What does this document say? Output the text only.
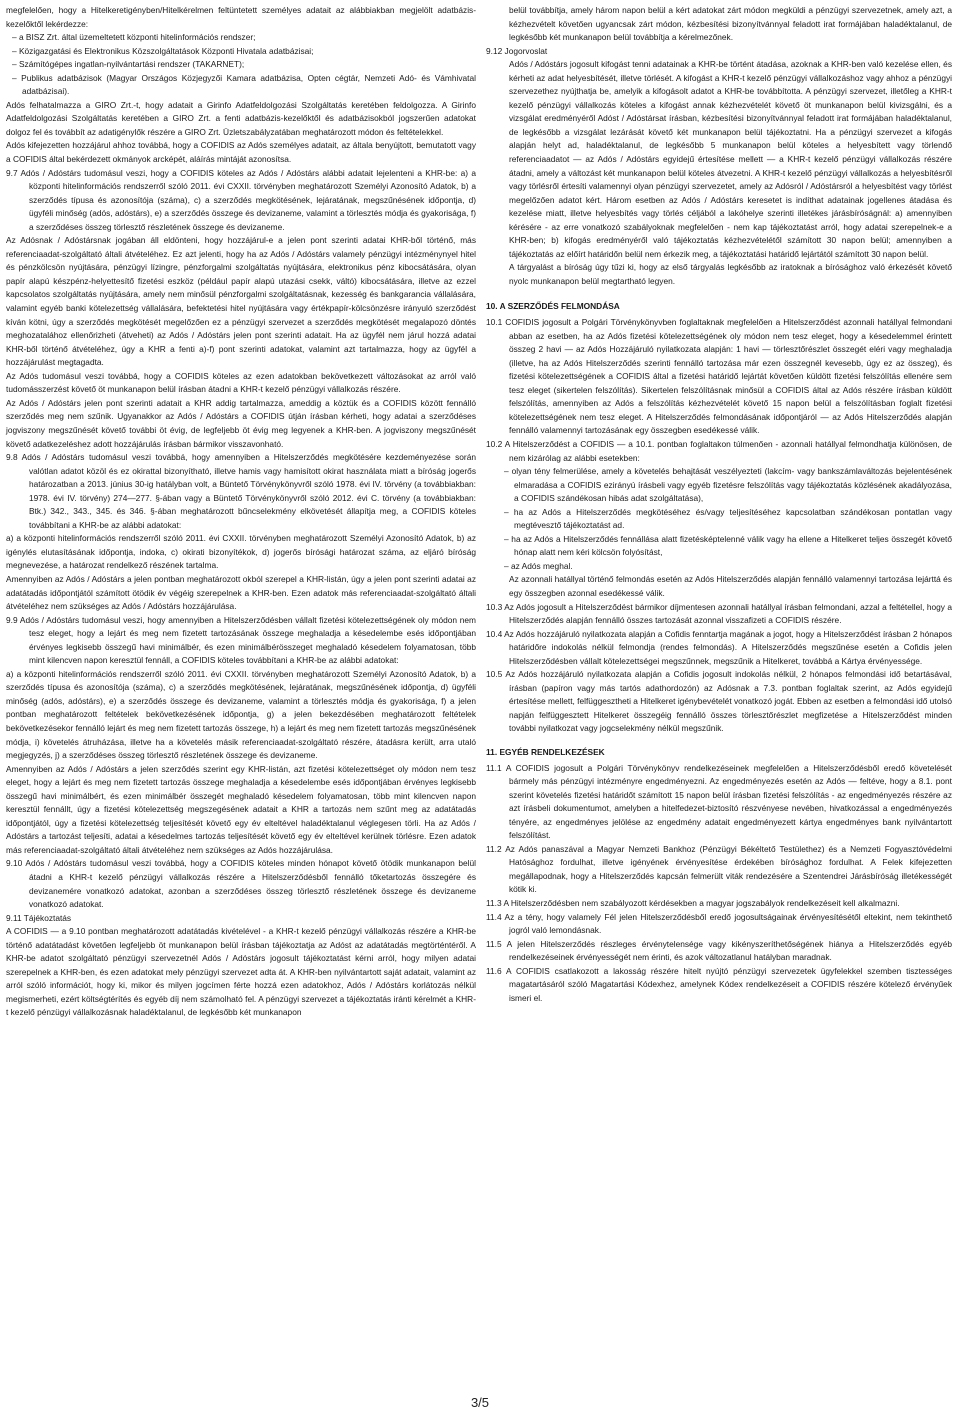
megfelelően, hogy a Hitelkeretigényben/Hitelkérelmen feltüntetett személyes adatait az alábbiakban megjelölt adatbázis-kezelőktől lekérdezze:

– a BISZ Zrt. által üzemeltetett központi hitelinformációs rendszer;

– Közigazgatási és Elektronikus Közszolgáltatások Központi Hivatala adatbázisai;

– Számítógépes ingatlan-nyilvántartási rendszer (TAKARNET);

– Publikus adatbázisok (Magyar Országos Közjegyzői Kamara adatbázisa, Opten cégtár, Nemzeti Adó- és Vámhivatal adatbázisai).

Adós felhatalmazza a GIRO Zrt.-t, hogy adatait a Girinfo Adatfeldolgozási Szolgáltatás keretében feldolgozza. A Girinfo Adatfeldolgozási Szolgáltatás keretében a GIRO Zrt. a fenti adatbázis-kezelőktől és adatbázisokból jogszerűen adatokat dolgoz fel és továbbít az adatigénylők részére a GIRO Zrt. Üzletszabályzatában meghatározott módon és feltételekkel.

Adós kifejezetten hozzájárul ahhoz továbbá, hogy a COFIDIS az Adós személyes adatait, az általa benyújtott, bemutatott vagy a COFIDIS által bekérdezett okmányok arcképét, aláírás mintáját azonosítsa.

9.7 Adós / Adóstárs tudomásul veszi, hogy a COFIDIS köteles az Adós / Adóstárs alábbi adatait lejelenteni a KHR-be: a) a központi hitelinformációs rendszerről szóló 2011. évi CXXII. törvényben meghatározott Személyi Azonosító Adatok, b) a szerződés típusa és azonosítója (száma), c) a szerződés megkötésének, lejáratának, megszűnésének időpontja, d) ügyféli minőség (adós, adóstárs), e) a szerződés összege és devizaneme, valamint a törlesztés módja és gyakorisága, f) a szerződéses összeg törlesztő részletének összege és devizaneme.

Az Adósnak / Adóstársnak jogában áll eldönteni, hogy hozzájárul-e a jelen pont szerinti adatai KHR-ből történő, más referenciaadat-szolgáltató általi átvételéhez. Ez azt jelenti, hogy ha az Adós / Adóstárs valamely pénzügyi intézménynyel hitel és pénzkölcsön nyújtására, pénzügyi lízingre, pénzforgalmi szolgáltatás nyújtására, elektronikus pénz kibocsátására, olyan papír alapú készpénz-helyettesítő fizetési eszköz (például papír alapú utazási csekk, váltó) kibocsátására, illetve az ezzel kapcsolatos szolgáltatás nyújtására, amely nem minősül pénzforgalmi szolgáltatásnak, kezesség és bankgarancia vállalására, valamint egyéb banki kötelezettség vállalására, befektetési hitel nyújtására vagy értékpapír-kölcsönzésre irányuló szerződést kíván kötni, úgy a szerződés megkötését megelőzően ez a pénzügyi szervezet a szerződés megkötését megalapozó döntés meghozatalához ellenőrizheti (átveheti) az Adós / Adóstárs jelen pont szerinti adatait. Ha az ügyfél nem járul hozzá adatai KHR-ből történő átvételéhez, úgy a KHR a fenti a)-f) pont szerinti adatokat, valamint azt tartalmazza, hogy az ügyfél a hozzájárulást megtagadta.

Az Adós tudomásul veszi továbbá, hogy a COFIDIS köteles az ezen adatokban bekövetkezett változásokat az arról való tudomásszerzést követő öt munkanapon belül írásban átadni a KHR-t kezelő pénzügyi vállalkozás részére.

Az Adós / Adóstárs jelen pont szerinti adatait a KHR addig tartalmazza, ameddig a köztük és a COFIDIS között fennálló szerződés meg nem szűnik. Ugyanakkor az Adós / Adóstárs a COFIDIS útján írásban kérheti, hogy adatai a szerződéses jogviszony megszűnését követő további öt évig, de legfeljebb öt évig meg legyenek a KHR-ben. A jogviszony megszűnését követő adatkezeléshez adott hozzájárulás írásban bármikor visszavonható.

9.8 Adós / Adóstárs tudomásul veszi továbbá, hogy amennyiben a Hitelszerződés megkötésére kezdeményezése során valótlan adatot közöl és ez okirattal bizonyítható, illetve hamis vagy hamisított okirat használata miatt a bíróság jogerős határozatban a 2013. június 30-ig hatályban volt, a Büntető Törvénykönyvről szóló 1978. évi IV. törvény (a továbbiakban: 1978. évi IV. törvény) 274—277. §-ában vagy a Büntető Törvénykönyvről szóló 2012. évi C. törvény (a továbbiakban: Btk.) 342., 343., 345. és 346. §-ában meghatározott bűncselekmény elkövetését állapítja meg, a COFIDIS köteles továbbítani a KHR-be az alábbi adatokat:

a) a központi hitelinformációs rendszerről szóló 2011. évi CXXII. törvényben meghatározott Személyi Azonosító Adatok, b) az igénylés elutasításának időpontja, indoka, c) okirati bizonyítékok, d) jogerős bírósági határozat száma, az eljáró bíróság megnevezése, a határozat rendelkező részének tartalma.

Amennyiben az Adós / Adóstárs a jelen pontban meghatározott okból szerepel a KHR-listán, úgy a jelen pont szerinti adatai az adatátadás időpontjától számított ötödik év végéig szerepelnek a KHR-ben. Ezen adatok más referenciaadat-szolgáltató általi átvételéhez nem szükséges az Adós / Adóstárs hozzájárulása.

9.9 Adós / Adóstárs tudomásul veszi, hogy amennyiben a Hitelszerződésben vállalt fizetési kötelezettségének oly módon nem tesz eleget, hogy a lejárt és meg nem fizetett tartozásának összege meghaladja a késedelembe esés időpontjában érvényes legkisebb összegű havi minimálbér, és ezen minimálbérösszeget meghaladó késedelem folyamatosan, több mint kilencven napon keresztül fennáll, a COFIDIS köteles továbbítani a KHR-be az alábbi adatokat:

a) a központi hitelinformációs rendszerről szóló 2011. évi CXXII. törvényben meghatározott Személyi Azonosító Adatok, b) a szerződés típusa és azonosítója (száma), c) a szerződés megkötésének, lejáratának, megszűnésének időpontja, d) ügyféli minőség (adós, adóstárs), e) a szerződés összege és devizaneme, valamint a törlesztés módja és gyakorisága, f) a jelen pontban meghatározott feltételek bekövetkezésének időpontja, g) a jelen bekezdésében meghatározott feltételek bekövetkezésekor fennálló lejárt és meg nem fizetett tartozás összege, h) a lejárt és meg nem fizetett tartozás megszűnésének módja, i) követelés átruházása, illetve ha a követelés másik referenciaadat-szolgáltató részére, átadásra került, arra utaló megjegyzés, j) a szerződéses összeg törlesztő részletének összege és devizaneme.

Amennyiben az Adós / Adóstárs a jelen szerződés szerint egy KHR-listán, azt fizetési kötelezettséget oly módon nem tesz eleget, hogy a lejárt és meg nem fizetett tartozás összege meghaladja a késedelembe esés időpontjában érvényes legkisebb összegű havi minimálbért, és ezen minimálbér összegét meghaladó késedelem folyamatosan, több mint kilencven napon keresztül fennállt, úgy a fizetési kötelezettség megszegésének adatait a KHR a tartozás nem szűnt meg az adatátadás időpontjától, úgy a fizetési kötelezettség teljesítését követő egy év elteltével haladéktalanul véglegesen törli. Ha az Adós / Adóstárs a tartozást teljesíti, adatai a késedelmes tartozás teljesítését követő egy év elteltével kerülnek törlésre. Ezen adatok más referenciaadat-szolgáltató általi átvételéhez nem szükséges az Adós hozzájárulása.

9.10 Adós / Adóstárs tudomásul veszi továbbá, hogy a COFIDIS köteles minden hónapot követő ötödik munkanapon belül átadni a KHR-t kezelő pénzügyi vállalkozás részére a Hitelszerződésből fennálló tőketartozás összegére és devizanemére vonatkozó adatokat, azonban a szerződéses összeg törlesztő részletének összege és devizaneme vonatkozó adatokat.

9.11 Tájékoztatás

A COFIDIS — a 9.10 pontban meghatározott adatátadás kivételével - a KHR-t kezelő pénzügyi vállalkozás részére a KHR-be történő adatátadást követően legfeljebb öt munkanapon belül írásban tájékoztatja az Adóst az adatátadás megtörténtéről. A KHR-be adatot szolgáltató pénzügyi szervezetnél Adós / Adóstárs jogosult tájékoztatást kérni arról, hogy milyen adatai szerepelnek a KHR-ben, és ezen adatokat mely pénzügyi szervezet adta át. A KHR-ben nyilvántartott saját adatait, valamint az arról szóló információt, hogy ki, mikor és milyen jogcímen férte hozzá ezen adatokhoz, Adós / Adóstárs korlátozás nélkül megismerheti, ezért költségtérítés és egyéb díj nem számolható fel. A pénzügyi szervezet a tájékoztatás iránti kérelmét a KHR-t kezelő pénzügyi vállalkozásnak haladéktalanul, de legkésőbb két munkanapon

belül továbbítja, amely három napon belül a kért adatokat zárt módon megküldi a pénzügyi szervezetnek, amely azt, a kézhezvételt követően ugyancsak zárt módon, kézbesítési bizonyítvánnyal feladott irat formájában haladéktalanul, de legkésőbb két munkanapon belül továbbítja a kérelmezőnek.

9.12 Jogorvoslat

Adós / Adóstárs jogosult kifogást tenni adatainak a KHR-be történt átadása, azoknak a KHR-ben való kezelése ellen, és kérheti az adat helyesbítését, illetve törlését. A kifogást a KHR-t kezelő pénzügyi vállalkozáshoz vagy ahhoz a pénzügyi szervezethez nyújthatja be, amelyik a kifogásolt adatot a KHR-be továbbította. A pénzügyi szervezet, illetőleg a KHR-t kezelő pénzügyi vállalkozás köteles a kifogást annak kézhezvételét követő öt munkanapon belül kivizsgálni, és a vizsgálat eredményéről Adóst / Adóstársat írásban, kézbesítési bizonyítvánnyal feladott irat formájában haladéktalanul, de legkésőbb a vizsgálat lezárását követő két munkanapon belül tájékoztatni. Ha a pénzügyi szervezet a kifogás alapján helyt ad, haladéktalanul, de legkésőbb 5 munkanapon belül köteles a helyesbített vagy törlendő referenciaadatot — az Adós / Adóstárs egyidejű értesítése mellett — a KHR-t kezelő pénzügyi vállalkozás részére átadni, amely a változást két munkanapon belül köteles átvezetni. A KHR-t kezelő pénzügyi vállalkozás a helyesbítésről vagy törlésről értesíti valamennyi olyan pénzügyi szervezetet, amely az Adósról / Adóstársról a helyesbítést vagy törlést megelőzően adatot kért. Három esetben az Adós / Adóstárs keresetet is indíthat adatainak jogellenes átadása és kezelése miatt, illetve helyesbítés vagy törlés céljából a lakóhelye szerinti illetékes járásbíróságnál: a) amennyiben kérésére - az erre vonatkozó szabályoknak megfelelően - nem kap tájékoztatást arról, hogy adatai szerepelnek-e a KHR-ben; b) kifogás eredményéről való tájékoztatás kézhezvételétől számított 30 napon belül; amennyiben a tájékoztatás az előírt határidőn belül nem érkezik meg, a tájékoztatási határidő lejártától számított 30 napon belül.

A tárgyalást a bíróság úgy tűzi ki, hogy az első tárgyalás legkésőbb az iratoknak a bírósághoz való érkezését követő nyolc munkanapon belül megtartható legyen.

10. A SZERZŐDÉS FELMONDÁSA

10.1 COFIDIS jogosult a Polgári Törvénykönyvben foglaltaknak megfelelően a Hitelszerződést azonnali hatállyal felmondani abban az esetben, ha az Adós fizetési kötelezettségének oly módon nem tesz eleget, hogy a késedelemmel érintett összeg 2 havi — az Adós Hozzájáruló nyilatkozata alapján: 1 havi — törlesztőrészlet összegét eléri vagy meghaladja (illetve, ha az Adós Hitelszerződés szerinti fennálló tartozása már ezen összegnél kevesebb, úgy ez az összeg), és fizetési kötelezettségének a COFIDIS által a fizetési határidő lejártát követően küldött fizetési felszólítás ellenére sem tesz eleget (sikertelen felszólítás). Sikertelen felszólításnak minősül a COFIDIS által az Adós részére írásban küldött felszólítás, amennyiben az Adós a felszólítás kézhezvételét követő 15 napon belül a felszólításban foglalt fizetési kötelezettségének nem tesz eleget. A Hitelszerződés felmondásának időpontjáról — az Adós Hitelszerződés alapján fennálló valamennyi tartozásának egy összegben esedékessé válik.

10.2 A Hitelszerződést a COFIDIS — a 10.1. pontban foglaltakon túlmenően - azonnali hatállyal felmondhatja különösen, de nem kizárólag az alábbi esetekben:

– olyan tény felmerülése, amely a követelés behajtását veszélyezteti (lakcím- vagy bankszámlaváltozás bejelentésének elmaradása a COFIDIS ezirányú írásbeli vagy egyéb fizetésre felszólítás vagy tájékoztatás közlésének akadályozása, a COFIDIS szándékosan hibás adat szolgáltatása),

– ha az Adós a Hitelszerződés megkötéséhez és/vagy teljesítéséhez kapcsolatban szándékosan pontatlan vagy megtévesztő tájékoztatást ad.

– ha az Adós a Hitelszerződés fennállása alatt fizetésképtelenné válik vagy ha ellene a Hitelkeret teljes összegét követő hónap alatt nem kéri kölcsön folyósítást,

– az Adós meghal.

Az azonnali hatállyal történő felmondás esetén az Adós Hitelszerződés alapján fennálló valamennyi tartozása lejárttá és egy összegben azonnal esedékessé válik.

10.3 Az Adós jogosult a Hitelszerződést bármikor díjmentesen azonnali hatállyal írásban felmondani, azzal a feltétellel, hogy a Hitelszerződés alapján fennálló összes tartozását azonnal visszafizeti a COFIDIS részére.

10.4 Az Adós hozzájáruló nyilatkozata alapján a Cofidis fenntartja magának a jogot, hogy a Hitelszerződést írásban 2 hónapos határidőre indokolás nélkül felmondja (rendes felmondás). A Hitelszerződés megszűnése esetén a Cofidis jelen Hitelszerződésben vállalt kötelezettségei megszűnnek, megszűnik a Hitelkeret, továbbá a Kártya érvényessége.

10.5 Az Adós hozzájáruló nyilatkozata alapján a Cofidis jogosult indokolás nélkül, 2 hónapos felmondási idő betartásával, írásban (papíron vagy más tartós adathordozón) az Adósnak a 7.3. pontban foglaltak szerint, az Adós egyidejű értesítése mellett, felfüggesztheti a Hitelkeret igénybevételét vonatkozó jogát. Ebben az esetben a felmondási idő utolsó napján felfüggesztett Hitelkeret összegéig fennálló összes törlesztőrészlet megfizetése a Hitelszerződést minden további nyilatkozat vagy jogcselekmény nélkül megszűnik.

11. EGYÉB RENDELKEZÉSEK

11.1 A COFIDIS jogosult a Polgári Törvénykönyv rendelkezéseinek megfelelően a Hitelszerződésből eredő követelését bármely más pénzügyi intézményre engedményezni. Az engedményezés esetén az Adós — feltéve, hogy a 8.1. pont szerint követelés fizetési határidőt számított 15 napon belül írásban fizetési felszólítás - az engedményezés részére az azt írásbeli dokumentumot, amelyben a hitelfedezet-biztosító részvényese nevében, hivatkozással a engedményezés tényére, az engedményes jelölése az engedmény adatait engedményezett kártya engedményes bank nyilvántartott felszólítást.

11.2 Az Adós panaszával a Magyar Nemzeti Bankhoz (Pénzügyi Békéltető Testülethez) és a Nemzeti Fogyasztóvédelmi Hatósághoz fordulhat, illetve igényének érvényesítése érdekében bírósághoz fordulhat. A Felek kifejezetten megállapodnak, hogy a Hitelszerződés kapcsán felmerült viták rendezésére a Szentendrei Járásbíróság illetékességét kötik ki.

11.3 A Hitelszerződésben nem szabályozott kérdésekben a magyar jogszabályok rendelkezéseit kell alkalmazni.

11.4 Az a tény, hogy valamely Fél jelen Hitelszerződésből eredő jogosultságainak érvényesítésétől eltekint, nem tekinthető jogról való lemondásnak.

11.5 A jelen Hitelszerződés részleges érvénytelensége vagy kikényszeríthetőségének hiánya a Hitelszerződés egyéb rendelkezéseinek érvényességét nem érinti, és azok változatlanul hatályban maradnak.

11.6 A COFIDIS csatlakozott a lakosság részére hitelt nyújtó pénzügyi szervezetek ügyfelekkel szemben tisztességes magatartásáról szóló Magatartási Kódexhez, amelynek Kódex rendelkezéseit a COFIDIS részére kötelező érvényűek ismeri el.

3/5
